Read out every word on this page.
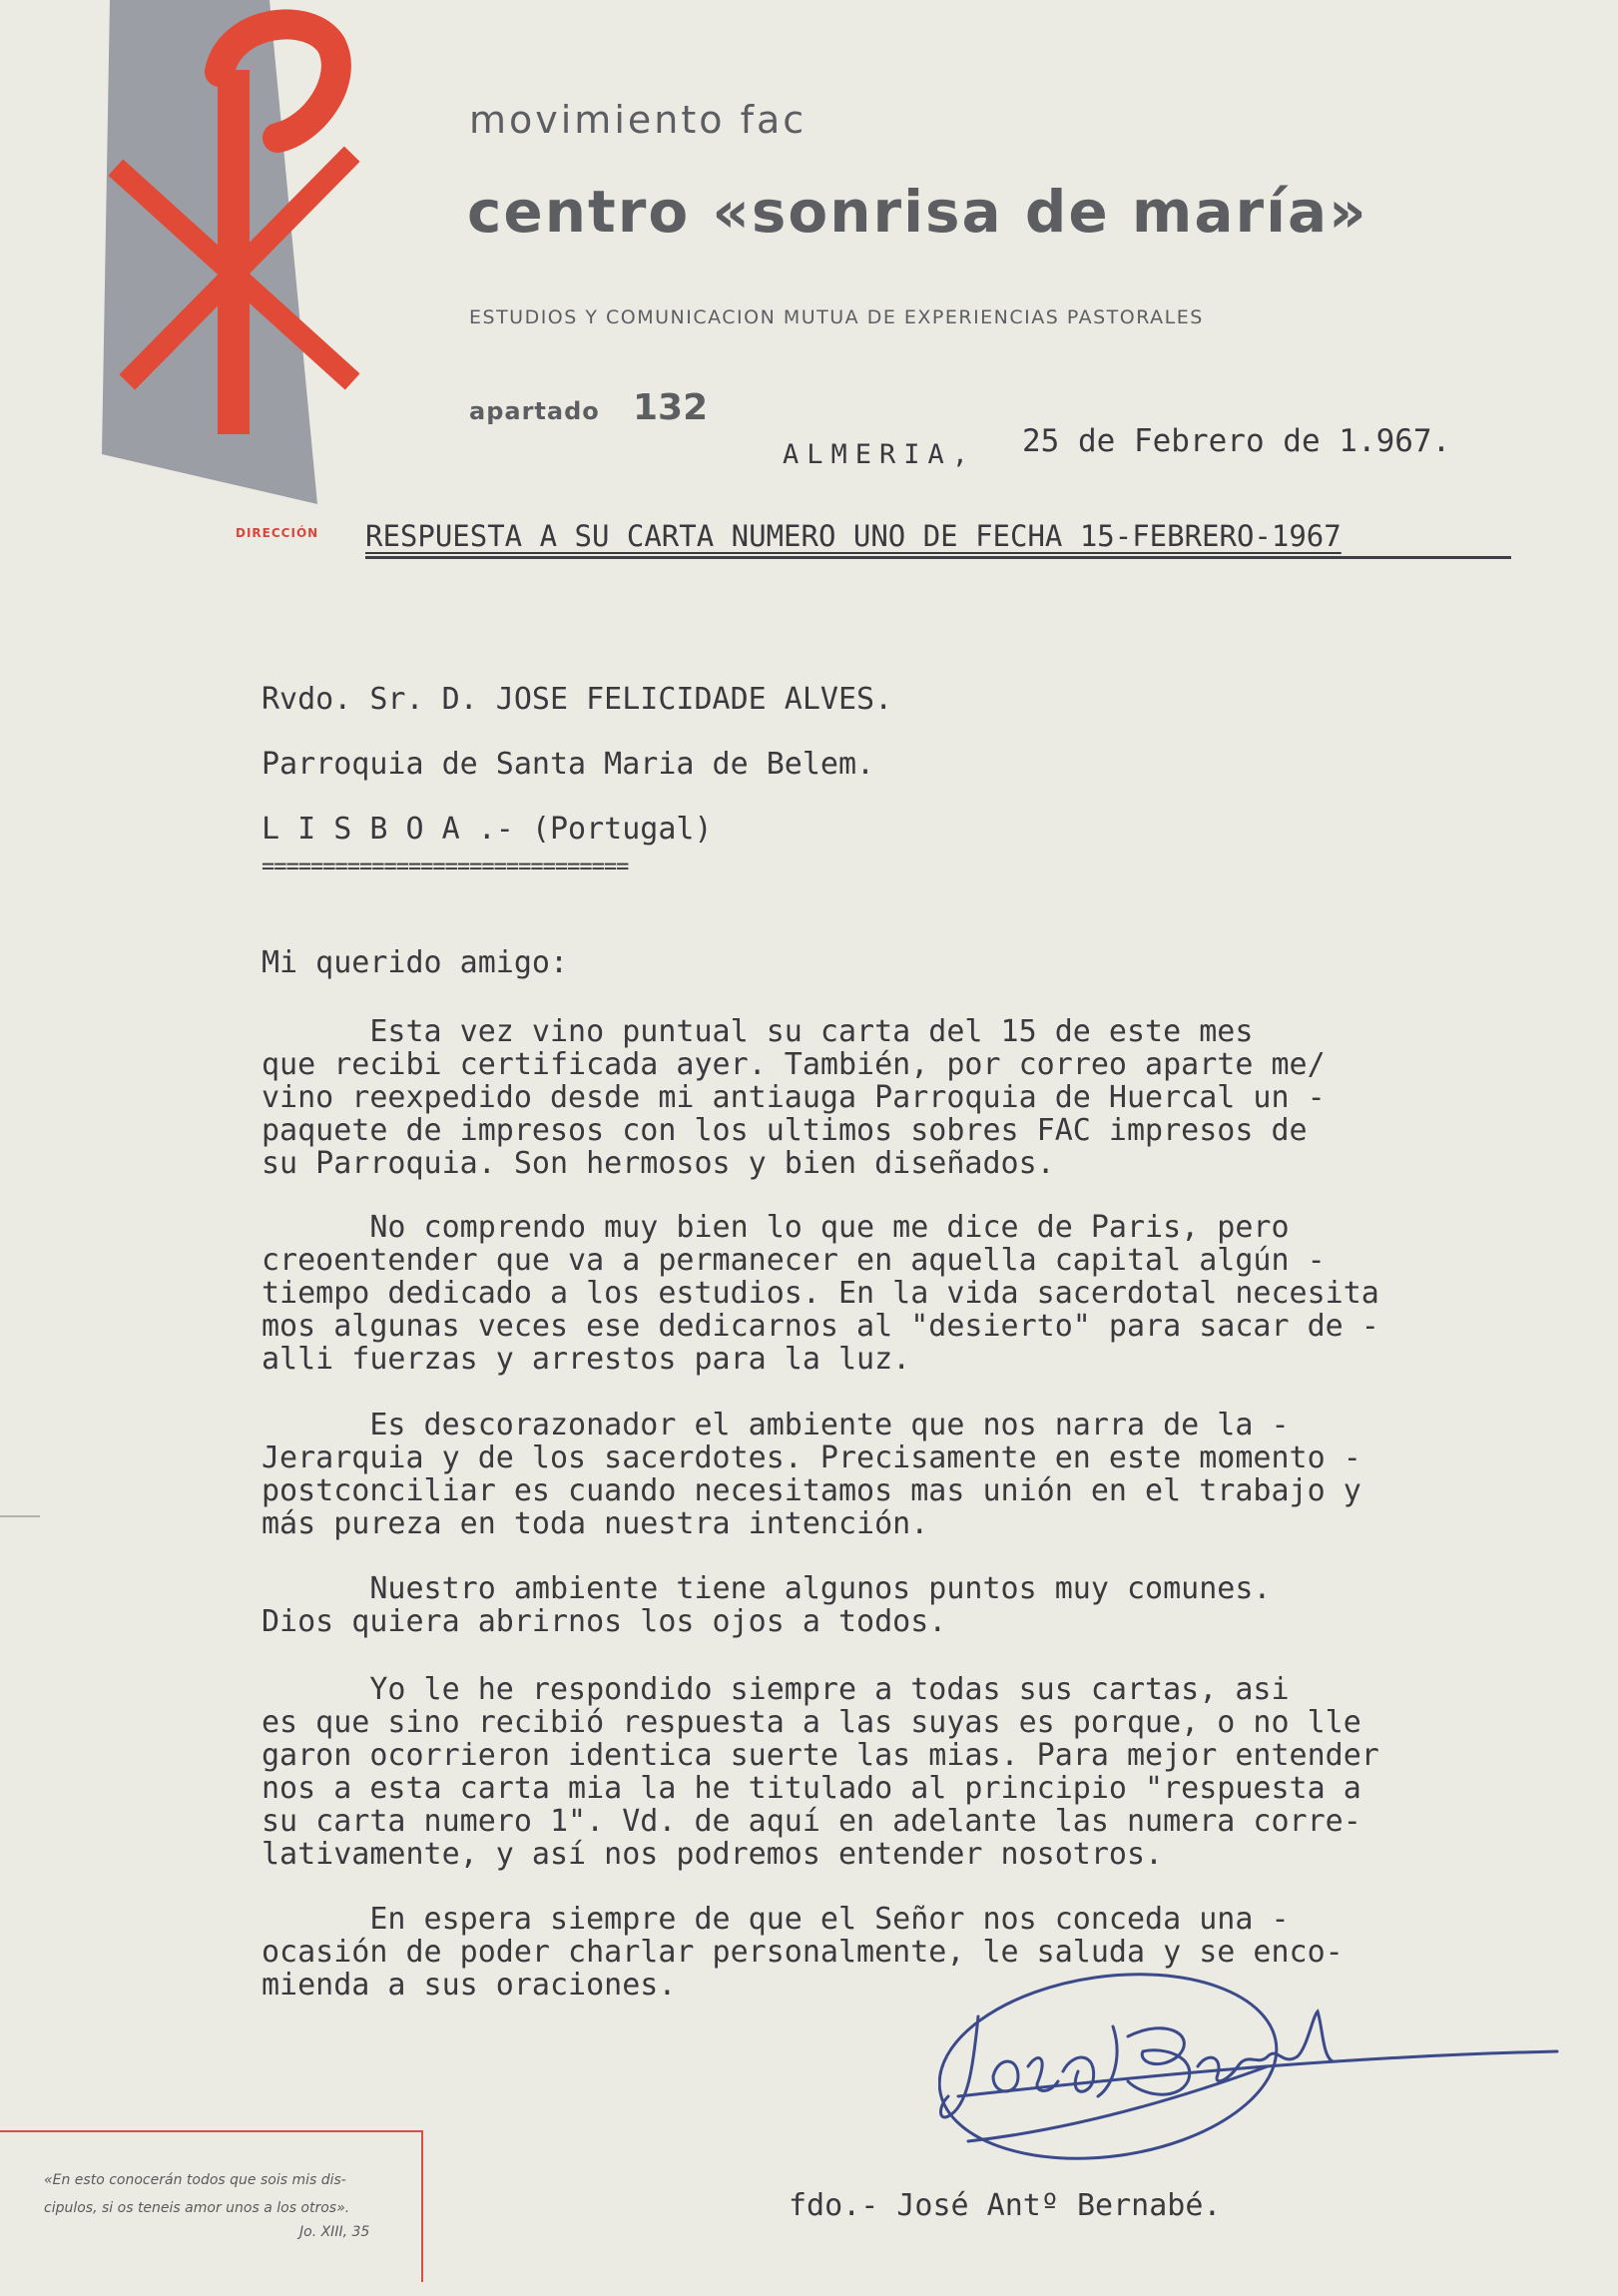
movimiento fac
centro «sonrisa de maría»
ESTUDIOS Y COMUNICACION MUTUA DE EXPERIENCIAS PASTORALES
apartado 132
DIRECCIÓN
ALMERIA, 25 de Febrero de 1.967.
RESPUESTA A SU CARTA NUMERO UNO DE FECHA 15-FEBRERO-1967
Rvdo. Sr. D. JOSE FELICIDADE ALVES.
Parroquia de Santa Maria de Belem.
L I S B O A .- (Portugal)
==============================
Mi querido amigo:
Esta vez vino puntual su carta del 15 de este mes
que recibi certificada ayer. También, por correo aparte me/
vino reexpedido desde mi antiauga Parroquia de Huercal un -
paquete de impresos con los ultimos sobres FAC impresos de
su Parroquia. Son hermosos y bien diseñados.
No comprendo muy bien lo que me dice de Paris, pero
creoentender que va a permanecer en aquella capital algún -
tiempo dedicado a los estudios. En la vida sacerdotal necesita
mos algunas veces ese dedicarnos al "desierto" para sacar de -
alli fuerzas y arrestos para la luz.
Es descorazonador el ambiente que nos narra de la -
Jerarquia y de los sacerdotes. Precisamente en este momento -
postconciliar es cuando necesitamos mas unión en el trabajo y
más pureza en toda nuestra intención.
Nuestro ambiente tiene algunos puntos muy comunes.
Dios quiera abrirnos los ojos a todos.
Yo le he respondido siempre a todas sus cartas, asi
es que sino recibió respuesta a las suyas es porque, o no lle
garon ocorrieron identica suerte las mias. Para mejor entender
nos a esta carta mia la he titulado al principio "respuesta a
su carta numero 1". Vd. de aquí en adelante las numera corre-
lativamente, y así nos podremos entender nosotros.
En espera siempre de que el Señor nos conceda una -
ocasión de poder charlar personalmente, le saluda y se enco-
mienda a sus oraciones.
fdo.- José Antº Bernabé.
«En esto conocerán todos que sois mis dis-cipulos, si os teneis amor unos a los otros».
Jo. XIII, 35
